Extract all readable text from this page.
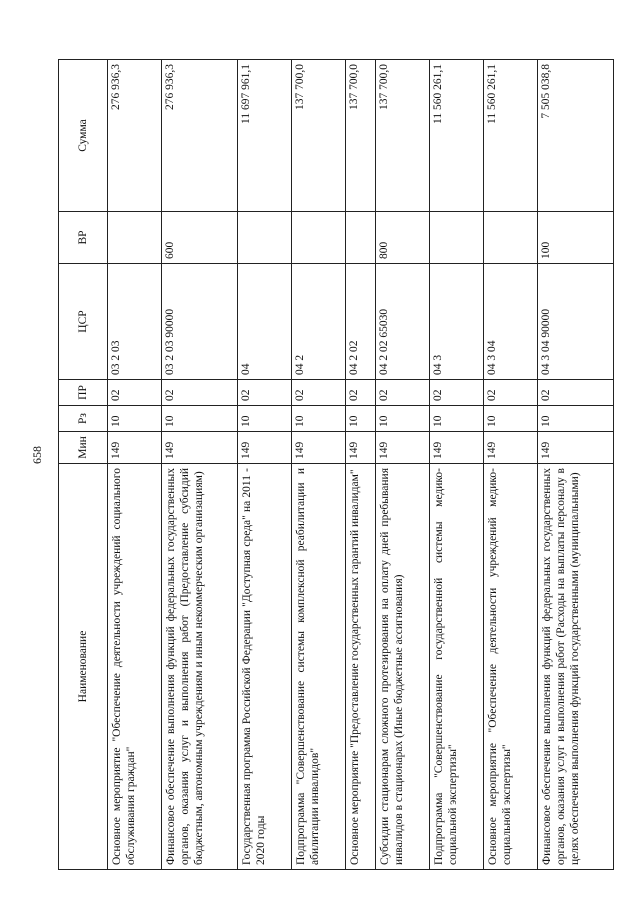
658
Наименование	Мин	Рз	ПР	ЦСР	ВР	Сумма
Основное мероприятие "Обеспечение деятельности учреждений социального обслуживания граждан"	149	10	02	03 2 03		276 936,3
Финансовое обеспечение выполнения функций федеральных государственных органов, оказания услуг и выполнения работ (Предоставление субсидий бюджетным, автономным учреждениям и иным некоммерческим организациям)	149	10	02	03 2 03 90000	600	276 936,3
Государственная программа Российской Федерации "Доступная среда" на 2011 - 2020 годы	149	10	02	04		11 697 961,1
Подпрограмма "Совершенствование системы комплексной реабилитации и абилитации инвалидов"	149	10	02	04 2		137 700,0
Основное мероприятие "Предоставление государственных гарантий инвалидам"	149	10	02	04 2 02		137 700,0
Субсидии стационарам сложного протезирования на оплату дней пребывания инвалидов в стационарах (Иные бюджетные ассигнования)	149	10	02	04 2 02 65030	800	137 700,0
Подпрограмма "Совершенствование государственной системы медико-социальной экспертизы"	149	10	02	04 3		11 560 261,1
Основное мероприятие "Обеспечение деятельности учреждений медико-социальной экспертизы"	149	10	02	04 3 04		11 560 261,1
Финансовое обеспечение выполнения функций федеральных государственных органов, оказания услуг и выполнения работ (Расходы на выплаты персоналу в целях обеспечения выполнения функций государственными (муниципальными)	149	10	02	04 3 04 90000	100	7 505 038,8
